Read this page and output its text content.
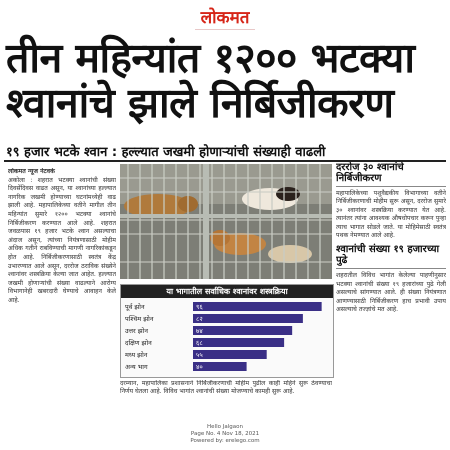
लोकमत
तीन महिन्यांत १२०० भटक्या
श्वानांचे झाले निर्बिजीकरण
१९ हजार भटके श्वान : हल्ल्यात जखमी होणाऱ्यांची संख्याही वाढली
लोकमत न्यूज नेटवर्क
अकोला : शहरात भटक्या श्वानांची संख्या दिवसेंदिवस वाढत असून, या श्वानांच्या हल्ल्यात नागरिक जखमी होण्याच्या घटनांमध्येही वाढ झाली आहे. महापालिकेच्या वतीने मागील तीन महिन्यांत सुमारे १२०० भटक्या श्वानांचे निर्बिजीकरण करण्यात आले आहे. शहरात जवळपास १९ हजार भटके श्वान असल्याचा अंदाज असून, त्यांच्या नियंत्रणासाठी मोहीम अधिक गतीने राबविण्याची मागणी नागरिकांकडून होत आहे. निर्बिजीकरणासाठी स्वतंत्र केंद्र उभारण्यात आले असून, दररोज ठराविक संख्येने श्वानांवर शस्त्रक्रिया केल्या जात आहेत. हल्ल्यात जखमी होणाऱ्यांची संख्या वाढल्याने आरोग्य विभागानेही खबरदारी घेण्याचे आवाहन केले आहे.
या भागातील सर्वाधिक श्वानांवर शस्त्रक्रिया
पूर्व झोन	९६
पश्चिम झोन	८२
उत्तर झोन	७४
दक्षिण झोन	६८
मध्य झोन	५५
अन्य भाग	४०
दरम्यान, महापालिका प्रशासनाने निर्बिजीकरणाची मोहीम पुढील काही महिने सुरू ठेवण्याचा निर्णय घेतला आहे. विविध भागांत श्वानांची संख्या मोजण्याचे कामही सुरू आहे.
दररोज ३० श्वानांचे निर्बिजीकरण

महापालिकेच्या पशुवैद्यकीय विभागाच्या वतीने निर्बिजीकरणाची मोहीम सुरू असून, दररोज सुमारे ३० श्वानांवर शस्त्रक्रिया करण्यात येत आहे. त्यानंतर त्यांना आवश्यक औषधोपचार करून पुन्हा त्याच भागात सोडले जाते. या मोहिमेसाठी स्वतंत्र पथक नेमण्यात आले आहे.

श्वानांची संख्या १९ हजारच्या पुढे

शहरातील विविध भागांत केलेल्या पाहणीनुसार भटक्या श्वानांची संख्या १९ हजारांच्या पुढे गेली असल्याचे सांगण्यात आले. ही संख्या नियंत्रणात आणण्यासाठी निर्बिजीकरण हाच प्रभावी उपाय असल्याचे तज्ज्ञांचे मत आहे.

Hello Jalgaon
Page No. 4 Nov 18, 2021
Powered by: erelego.com
